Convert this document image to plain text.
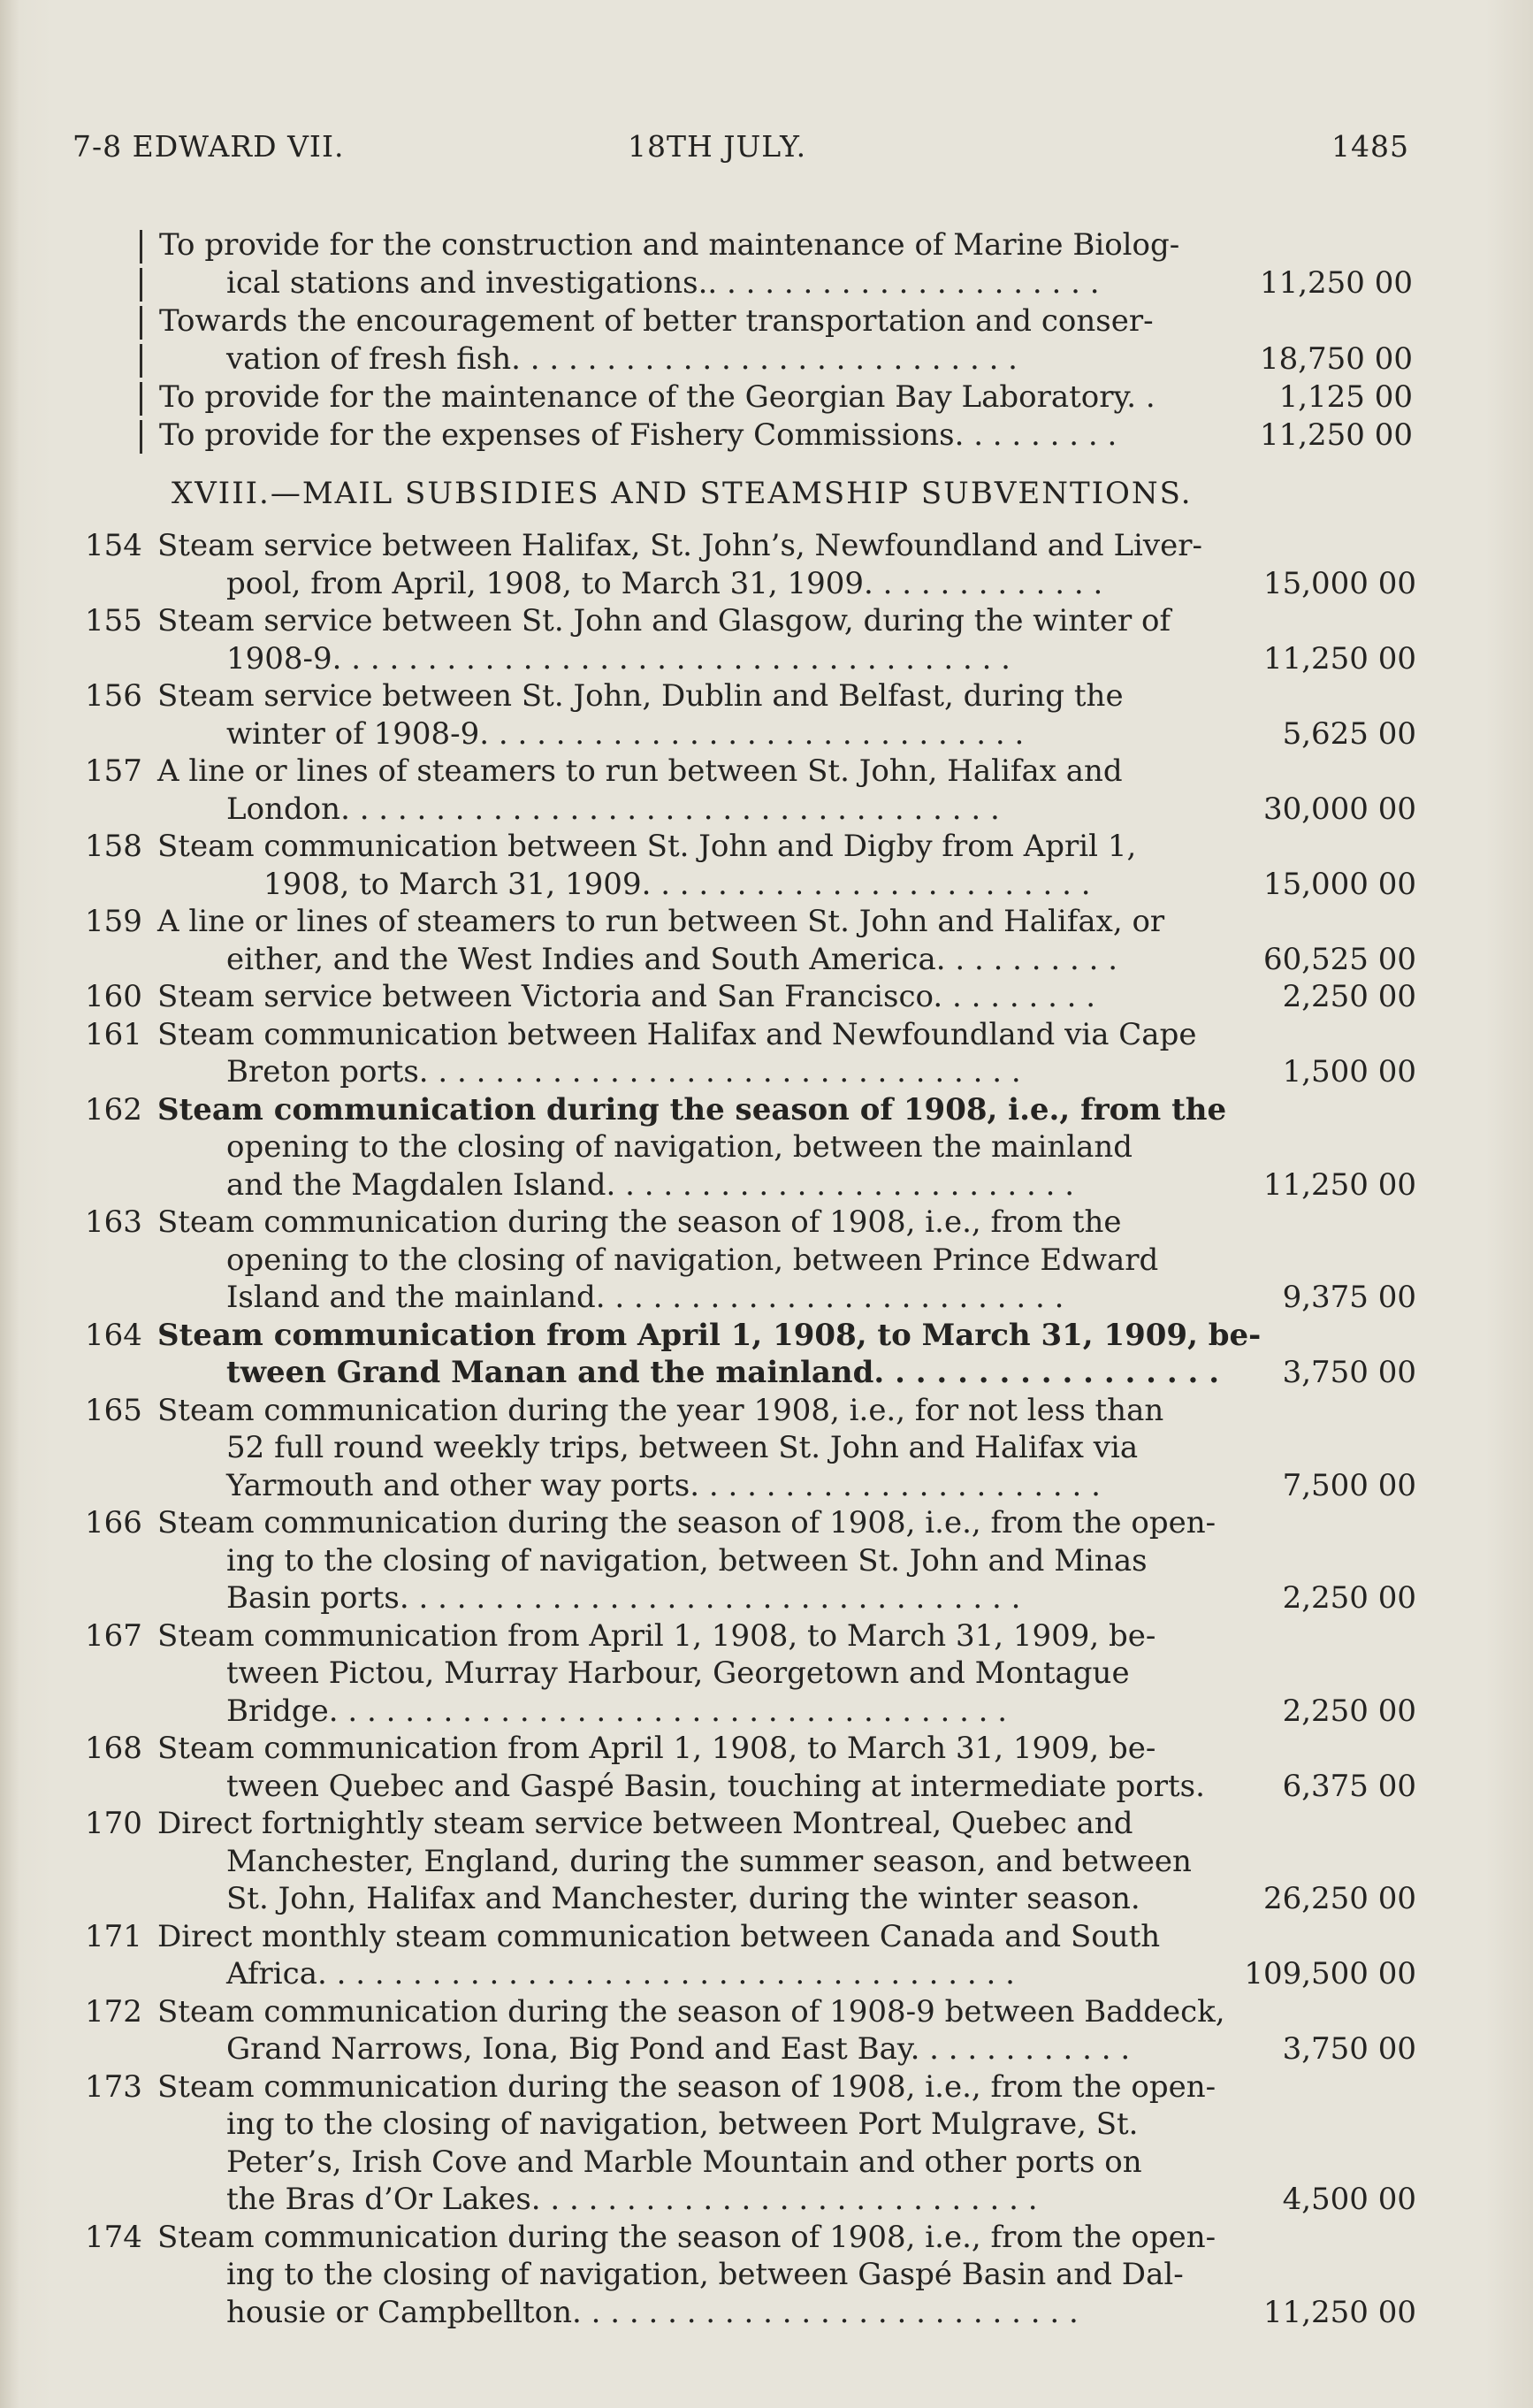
7-8 EDWARD VII.	18TH JULY.	1485
To provide for the construction and maintenance of Marine Biolog-
ical stations and investigations.. . . . . . . . . . . . . . . . . . . . .	11,250 00
Towards the encouragement of better transportation and conser-
vation of fresh fish. . . . . . . . . . . . . . . . . . . . . . . . . . .	18,750 00
To provide for the maintenance of the Georgian Bay Laboratory. .	1,125 00
To provide for the expenses of Fishery Commissions. . . . . . . . .	11,250 00
XVIII.—MAIL SUBSIDIES AND STEAMSHIP SUBVENTIONS.
154 Steam service between Halifax, St. John’s, Newfoundland and Liver-
pool, from April, 1908, to March 31, 1909. . . . . . . . . . . . .	15,000 00
155 Steam service between St. John and Glasgow, during the winter of
1908-9. . . . . . . . . . . . . . . . . . . . . . . . . . . . . . . . . . . .	11,250 00
156 Steam service between St. John, Dublin and Belfast, during the
winter of 1908-9. . . . . . . . . . . . . . . . . . . . . . . . . . . . .	5,625 00
157 A line or lines of steamers to run between St. John, Halifax and
London. . . . . . . . . . . . . . . . . . . . . . . . . . . . . . . . . . .	30,000 00
158 Steam communication between St. John and Digby from April 1,
1908, to March 31, 1909. . . . . . . . . . . . . . . . . . . . . . . .	15,000 00
159 A line or lines of steamers to run between St. John and Halifax, or
either, and the West Indies and South America. . . . . . . . . .	60,525 00
160 Steam service between Victoria and San Francisco. . . . . . . . .	2,250 00
161 Steam communication between Halifax and Newfoundland via Cape
Breton ports. . . . . . . . . . . . . . . . . . . . . . . . . . . . . . . .	1,500 00
162 Steam communication during the season of 1908, i.e., from the
opening to the closing of navigation, between the mainland
and the Magdalen Island. . . . . . . . . . . . . . . . . . . . . . . . .	11,250 00
163 Steam communication during the season of 1908, i.e., from the
opening to the closing of navigation, between Prince Edward
Island and the mainland. . . . . . . . . . . . . . . . . . . . . . . . .	9,375 00
164 Steam communication from April 1, 1908, to March 31, 1909, be-
tween Grand Manan and the mainland. . . . . . . . . . . . . . . . . 3,750 00
165 Steam communication during the year 1908, i.e., for not less than
52 full round weekly trips, between St. John and Halifax via
Yarmouth and other way ports. . . . . . . . . . . . . . . . . . . . . .	7,500 00
166 Steam communication during the season of 1908, i.e., from the open-
ing to the closing of navigation, between St. John and Minas
Basin ports. . . . . . . . . . . . . . . . . . . . . . . . . . . . . . . . .	2,250 00
167 Steam communication from April 1, 1908, to March 31, 1909, be-
tween Pictou, Murray Harbour, Georgetown and Montague
Bridge. . . . . . . . . . . . . . . . . . . . . . . . . . . . . . . . . . . .	2,250 00
168 Steam communication from April 1, 1908, to March 31, 1909, be-
tween Quebec and Gaspé Basin, touching at intermediate ports.	6,375 00
170 Direct fortnightly steam service between Montreal, Quebec and
Manchester, England, during the summer season, and between
St. John, Halifax and Manchester, during the winter season.	26,250 00
171 Direct monthly steam communication between Canada and South
Africa. . . . . . . . . . . . . . . . . . . . . . . . . . . . . . . . . . . . .	109,500 00
172 Steam communication during the season of 1908-9 between Baddeck,
Grand Narrows, Iona, Big Pond and East Bay. . . . . . . . . . . .	3,750 00
173 Steam communication during the season of 1908, i.e., from the open-
ing to the closing of navigation, between Port Mulgrave, St.
Peter’s, Irish Cove and Marble Mountain and other ports on
the Bras d’Or Lakes. . . . . . . . . . . . . . . . . . . . . . . . . . .	4,500 00
174 Steam communication during the season of 1908, i.e., from the open-
ing to the closing of navigation, between Gaspé Basin and Dal-
housie or Campbellton. . . . . . . . . . . . . . . . . . . . . . . . . . .	11,250 00
